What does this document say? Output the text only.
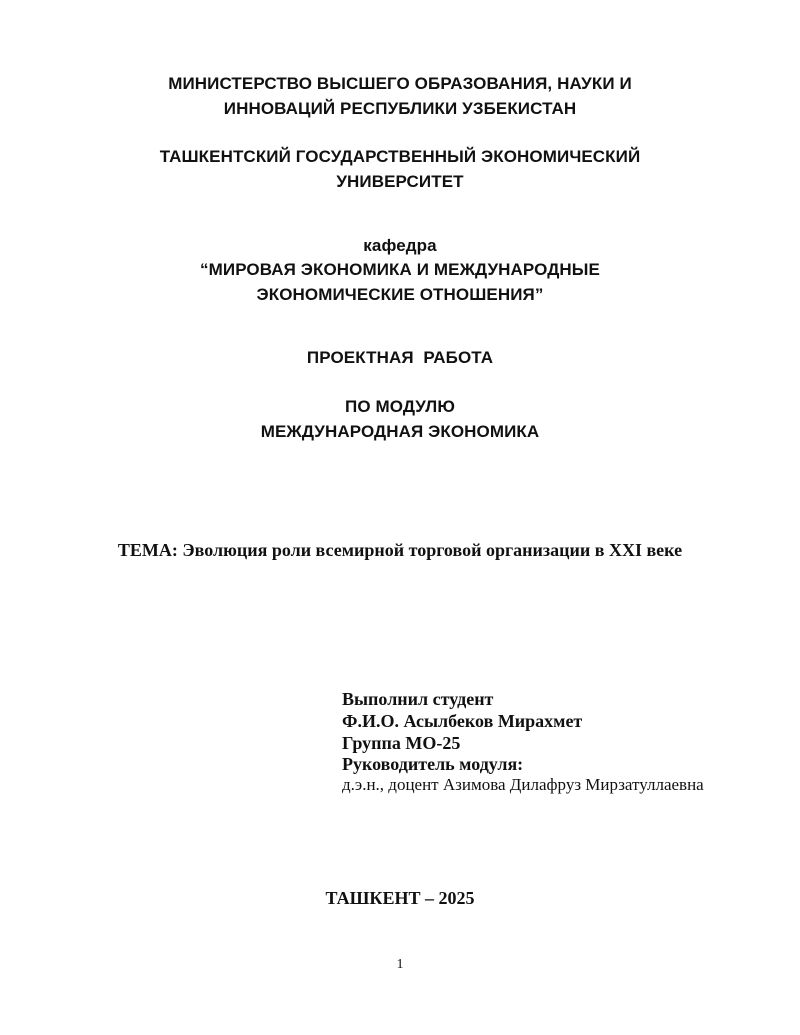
МИНИСТЕРСТВО ВЫСШЕГО ОБРАЗОВАНИЯ, НАУКИ И
ИННОВАЦИЙ РЕСПУБЛИКИ УЗБЕКИСТАН
ТАШКЕНТСКИЙ ГОСУДАРСТВЕННЫЙ ЭКОНОМИЧЕСКИЙ
УНИВЕРСИТЕТ
кафедра
“МИРОВАЯ ЭКОНОМИКА И МЕЖДУНАРОДНЫЕ
ЭКОНОМИЧЕСКИЕ ОТНОШЕНИЯ”
ПРОЕКТНАЯ  РАБОТА
ПО МОДУЛЮ
МЕЖДУНАРОДНАЯ ЭКОНОМИКА
ТЕМА: Эволюция роли всемирной торговой организации в XXI веке
Выполнил студент
Ф.И.О. Асылбеков Мирахмет
Группа МО-25
Руководитель модуля:
д.э.н., доцент Азимова Дилафруз Мирзатуллаевна
ТАШКЕНТ – 2025
1
